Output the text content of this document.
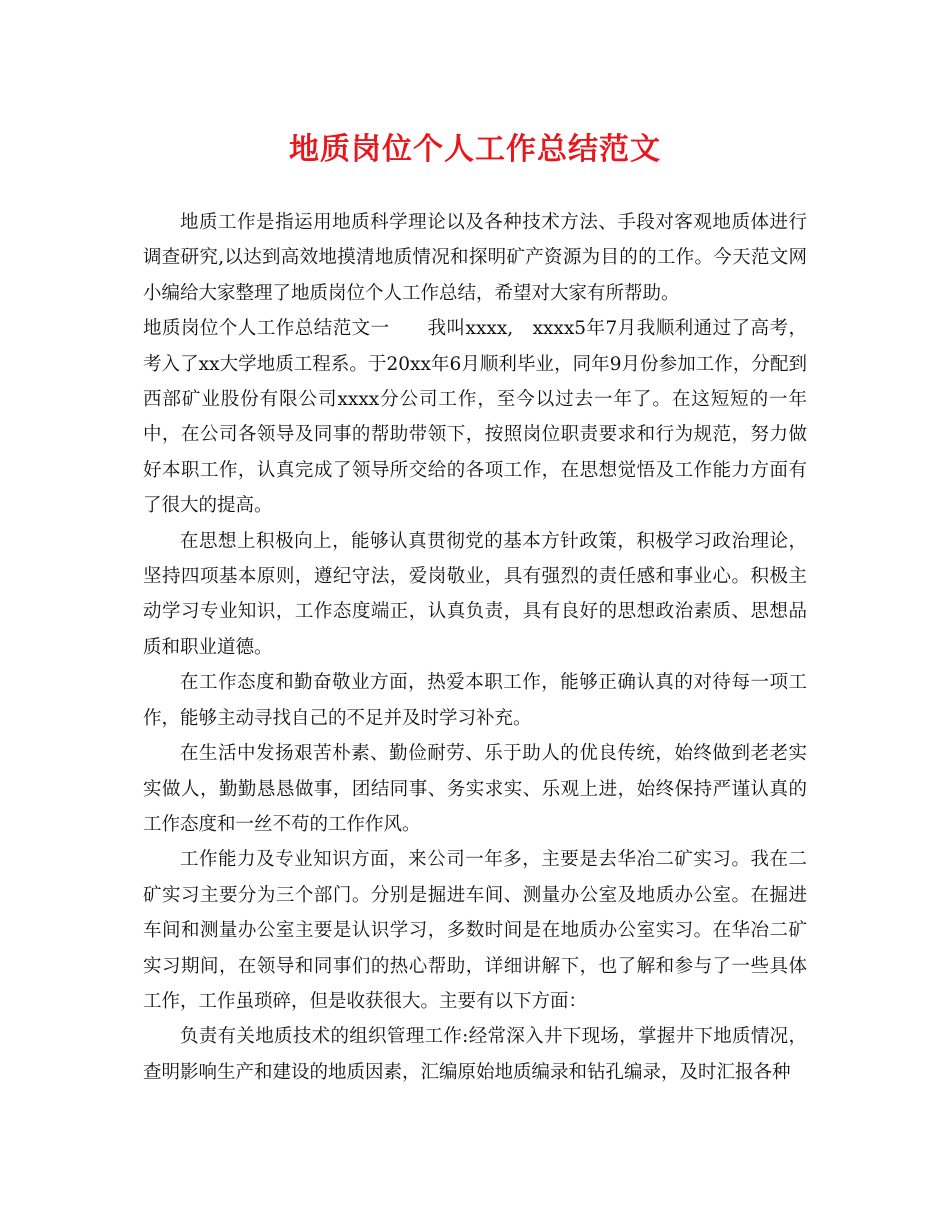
地质岗位个人工作总结范文

地质工作是指运用地质科学理论以及各种技术方法、手段对客观地质体进行调查研究,以达到高效地摸清地质情况和探明矿产资源为目的的工作。今天范文网小编给大家整理了地质岗位个人工作总结，希望对大家有所帮助。

地质岗位个人工作总结范文一　　我叫xxxx,　xxxx5年7月我顺利通过了高考，考入了xx大学地质工程系。于20xx年6月顺利毕业，同年9月份参加工作，分配到西部矿业股份有限公司xxxx分公司工作，至今以过去一年了。在这短短的一年中，在公司各领导及同事的帮助带领下，按照岗位职责要求和行为规范，努力做好本职工作，认真完成了领导所交给的各项工作，在思想觉悟及工作能力方面有了很大的提高。

在思想上积极向上，能够认真贯彻党的基本方针政策，积极学习政治理论，坚持四项基本原则，遵纪守法，爱岗敬业，具有强烈的责任感和事业心。积极主动学习专业知识，工作态度端正，认真负责，具有良好的思想政治素质、思想品质和职业道德。

在工作态度和勤奋敬业方面，热爱本职工作，能够正确认真的对待每一项工作，能够主动寻找自己的不足并及时学习补充。

在生活中发扬艰苦朴素、勤俭耐劳、乐于助人的优良传统，始终做到老老实实做人，勤勤恳恳做事，团结同事、务实求实、乐观上进，始终保持严谨认真的工作态度和一丝不苟的工作作风。

工作能力及专业知识方面，来公司一年多，主要是去华冶二矿实习。我在二矿实习主要分为三个部门。分别是掘进车间、测量办公室及地质办公室。在掘进车间和测量办公室主要是认识学习，多数时间是在地质办公室实习。在华冶二矿实习期间，在领导和同事们的热心帮助，详细讲解下，也了解和参与了一些具体工作，工作虽琐碎，但是收获很大。主要有以下方面：

负责有关地质技术的组织管理工作:经常深入井下现场，掌握井下地质情况，查明影响生产和建设的地质因素，汇编原始地质编录和钻孔编录，及时汇报各种
